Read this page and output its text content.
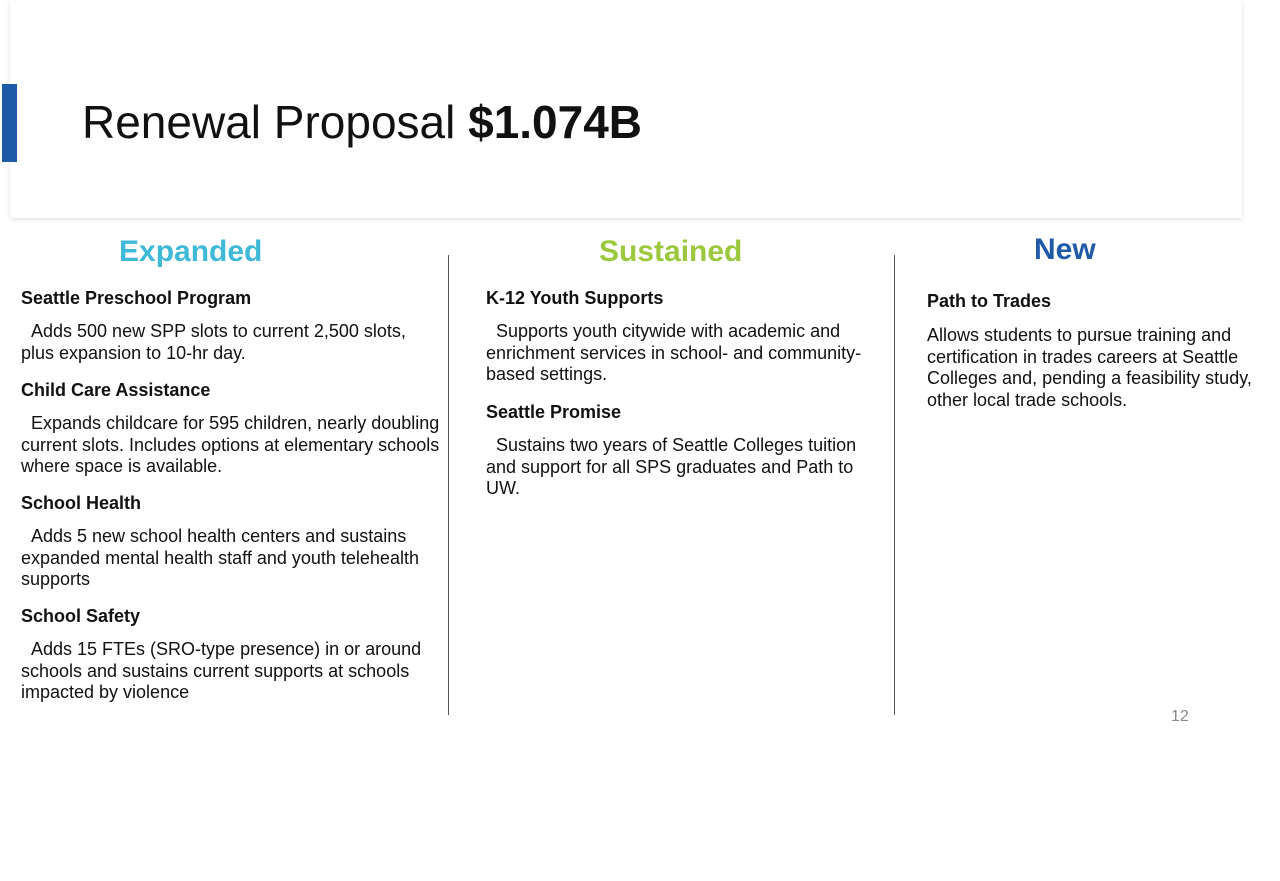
Renewal Proposal $1.074B
Expanded	Sustained	New

Seattle Preschool Program

Adds 500 new SPP slots to current 2,500 slots, plus expansion to 10-hr day.

Child Care Assistance

Expands childcare for 595 children, nearly doubling current slots. Includes options at elementary schools where space is available.

School Health

Adds 5 new school health centers and sustains expanded mental health staff and youth telehealth supports

School Safety

Adds 15 FTEs (SRO-type presence) in or around schools and sustains current supports at schools impacted by violence

K-12 Youth Supports

Supports youth citywide with academic and enrichment services in school- and community-based settings.

Seattle Promise

Sustains two years of Seattle Colleges tuition and support for all SPS graduates and Path to UW.

Path to Trades

Allows students to pursue training and certification in trades careers at Seattle Colleges and, pending a feasibility study, other local trade schools.

12
